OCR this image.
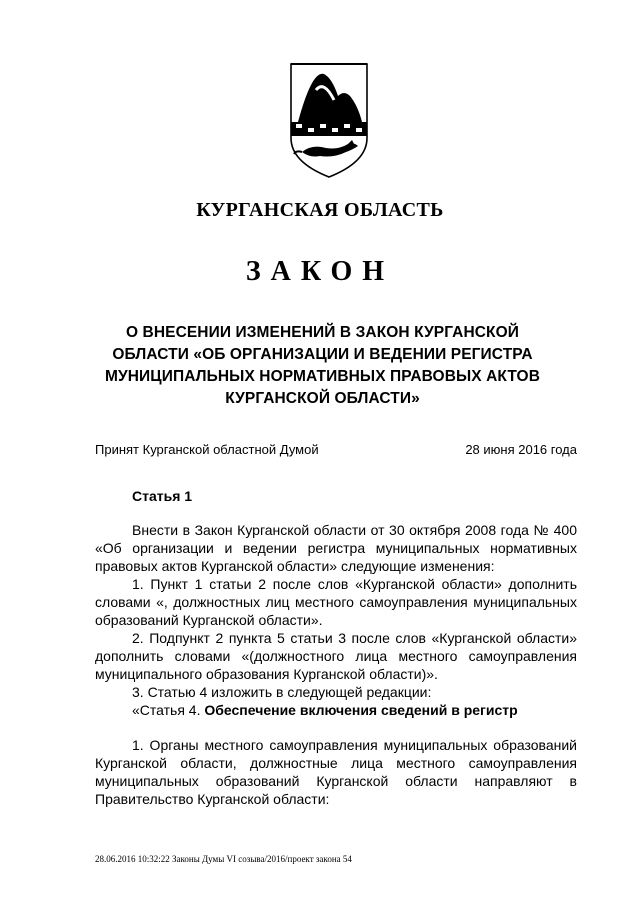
КУРГАНСКАЯ ОБЛАСТЬ
ЗАКОН
О ВНЕСЕНИИ ИЗМЕНЕНИЙ В ЗАКОН КУРГАНСКОЙ ОБЛАСТИ «ОБ ОРГАНИЗАЦИИ И ВЕДЕНИИ РЕГИСТРА МУНИЦИПАЛЬНЫХ НОРМАТИВНЫХ ПРАВОВЫХ АКТОВ КУРГАНСКОЙ ОБЛАСТИ»
Принят Курганской областной Думой	28 июня 2016 года
Статья 1

Внести в Закон Курганской области от 30 октября 2008 года № 400 «Об организации и ведении регистра муниципальных нормативных правовых актов Курганской области» следующие изменения:

1. Пункт 1 статьи 2 после слов «Курганской области» дополнить словами «, должностных лиц местного самоуправления муниципальных образований Курганской области».

2. Подпункт 2 пункта 5 статьи 3 после слов «Курганской области» дополнить словами «(должностного лица местного самоуправления муниципального образования Курганской области)».

3. Статью 4 изложить в следующей редакции:

«Статья 4. Обеспечение включения сведений в регистр

1. Органы местного самоуправления муниципальных образований Курганской области, должностные лица местного самоуправления муниципальных образований Курганской области направляют в Правительство Курганской области:

28.06.2016 10:32:22 Законы Думы VI созыва/2016/проект закона 54
